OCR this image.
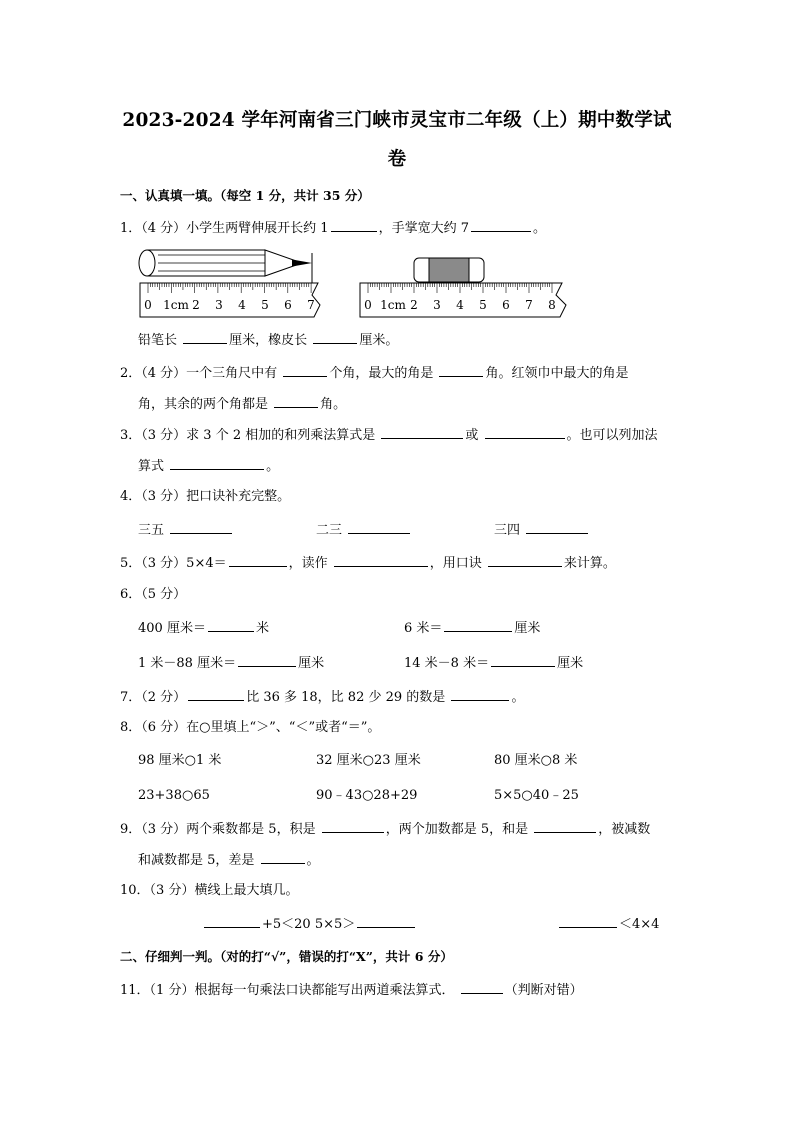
2023-2024 学年河南省三门峡市灵宝市二年级（上）期中数学试
卷
一、认真填一填。（每空 1 分，共计 35 分）
1．（4 分）小学生两臂伸展开长约 1	，手掌宽大约 7	。
0 1cm 2 3 4 5 6 7	0 1cm 2 3 4 5 6 7 8
铅笔长	厘米，橡皮长	厘米。
2．（4 分）一个三角尺中有	个角，最大的角是	角。红领巾中最大的角是
角，其余的两个角都是	角。
3．（3 分）求 3 个 2 相加的和列乘法算式是	或	。也可以列加法
算式	。
4．（3 分）把口诀补充完整。
三五	二三	三四
5．（3 分）5×4＝	，读作	，用口诀	来计算。
6．（5 分）
400 厘米＝	米	6 米＝	厘米
1 米－88 厘米＝	厘米	14 米－8 米＝	厘米
7．（2 分）	比 36 多 18，比 82 少 29 的数是	。
8．（6 分）在○里填上“＞”、“＜”或者“＝”。
98 厘米○1 米	32 厘米○23 厘米	80 厘米○8 米
23+38○65	90﹣43○28+29	5×5○40﹣25
9．（3 分）两个乘数都是 5，积是	，两个加数都是 5，和是	，被减数
和减数都是 5，差是	。
10．（3 分）横线上最大填几。
+5＜20 5×5＞	＜4×4
二、仔细判一判。（对的打“√”，错误的打“X”，共计 6 分）
11．（1 分）根据每一句乘法口诀都能写出两道乘法算式．	（判断对错）
